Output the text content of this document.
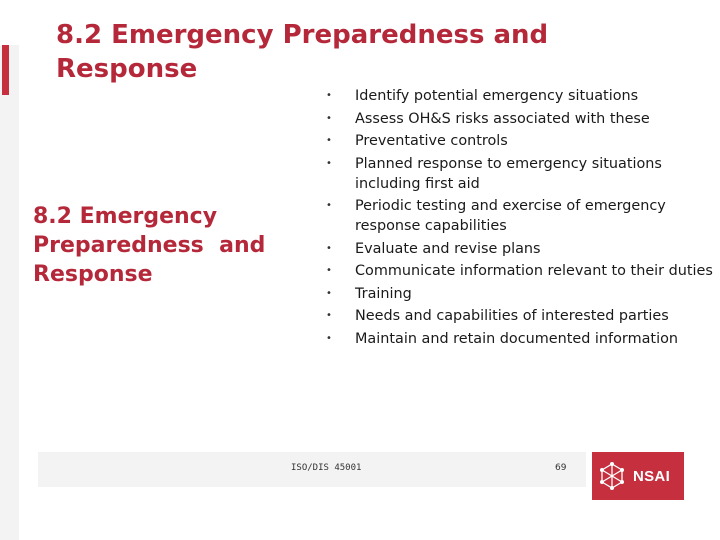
8.2 Emergency Preparedness and Response
8.2 Emergency Preparedness  and Response
• Identify potential emergency situations
• Assess OH&S risks associated with these
• Preventative controls
• Planned response to emergency situations including first aid
• Periodic testing and exercise of emergency response capabilities
• Evaluate and revise plans
• Communicate information relevant to their duties
• Training
• Needs and capabilities of interested parties
• Maintain and retain documented information
ISO/DIS 45001	69	NSAI
